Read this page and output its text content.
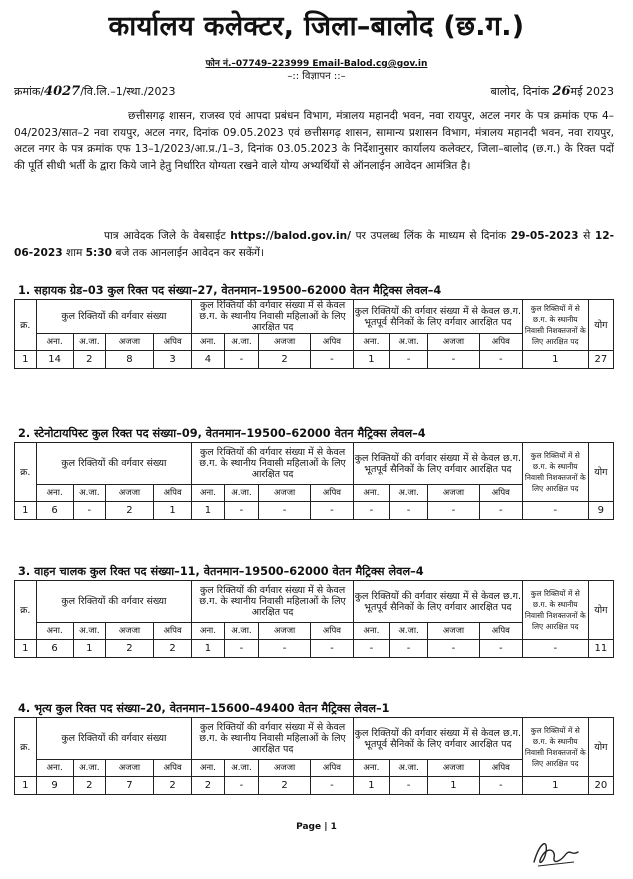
कार्यालय कलेक्टर, जिला–बालोद (छ.ग.)
फोन नं.–07749–223999 Email-Balod.cg@gov.in
–:: विज्ञापन ::–
क्रमांक/4027/वि.लि.–1/स्था./2023	बालोद, दिनांक 26मई 2023
छत्तीसगढ़ शासन, राजस्व एवं आपदा प्रबंधन विभाग, मंत्रालय महानदी भवन, नवा रायपुर, अटल नगर के पत्र क्रमांक एफ 4–04/2023/सात–2 नवा रायपुर, अटल नगर, दिनांक 09.05.2023 एवं छत्तीसगढ़ शासन, सामान्य प्रशासन विभाग, मंत्रालय महानदी भवन, नवा रायपुर, अटल नगर के पत्र क्रमांक एफ 13–1/2023/आ.प्र./1–3, दिनांक 03.05.2023 के निर्देशानुसार कार्यालय कलेक्टर, जिला–बालोद (छ.ग.) के रिक्त पदों की पूर्ति सीधी भर्ती के द्वारा किये जाने हेतु निर्धारित योग्यता रखने वाले योग्य अभ्यर्थियों से ऑनलाईन आवेदन आमंत्रित है।
पात्र आवेदक जिले के वेबसाईट https://balod.gov.in/ पर उपलब्ध लिंक के माध्यम से दिनांक 29-05-2023 से 12-06-2023 शाम 5:30 बजे तक आनलाईन आवेदन कर सकेंगें।
1. सहायक ग्रेड–03 कुल रिक्त पद संख्या–27, वेतनमान–19500–62000 वेतन मैट्रिक्स लेवल–4
क्र.	कुल रिक्तियों की वर्गवार संख्या				कुल रिक्तियों की वर्गवार संख्या में से केवल छ.ग. के स्थानीय निवासी महिलाओं के लिए आरक्षित पद				कुल रिक्तियों की वर्गवार संख्या में से केवल छ.ग. भूतपूर्व सैनिकों के लिए वर्गवार आरक्षित पद				कुल रिक्तियों में से छ.ग. के स्थानीय निवासी निशक्तजनों के लिए आरक्षित पद	योग
	अना.	अ.जा.	अजजा	अपिव	अना.	अ.जा.	अजजा	अपिव	अना.	अ.जा.	अजजा	अपिव		
1	14	2	8	3	4	-	2	-	1	-	-	-	1	27
2. स्टेनोटायपिस्ट कुल रिक्त पद संख्या–09, वेतनमान–19500–62000 वेतन मैट्रिक्स लेवल–4
क्र.	कुल रिक्तियों की वर्गवार संख्या				कुल रिक्तियों की वर्गवार संख्या में से केवल छ.ग. के स्थानीय निवासी महिलाओं के लिए आरक्षित पद				कुल रिक्तियों की वर्गवार संख्या में से केवल छ.ग. भूतपूर्व सैनिकों के लिए वर्गवार आरक्षित पद				कुल रिक्तियों में से छ.ग. के स्थानीय निवासी निशक्तजनों के लिए आरक्षित पद	योग
	अना.	अ.जा.	अजजा	अपिव	अना.	अ.जा.	अजजा	अपिव	अना.	अ.जा.	अजजा	अपिव		
1	6	-	2	1	1	-	-	-	-	-	-	-	-	9
3. वाहन चालक कुल रिक्त पद संख्या–11, वेतनमान–19500–62000 वेतन मैट्रिक्स लेवल–4
क्र.	कुल रिक्तियों की वर्गवार संख्या				कुल रिक्तियों की वर्गवार संख्या में से केवल छ.ग. के स्थानीय निवासी महिलाओं के लिए आरक्षित पद				कुल रिक्तियों की वर्गवार संख्या में से केवल छ.ग. भूतपूर्व सैनिकों के लिए वर्गवार आरक्षित पद				कुल रिक्तियों में से छ.ग. के स्थानीय निवासी निशक्तजनों के लिए आरक्षित पद	योग
	अना.	अ.जा.	अजजा	अपिव	अना.	अ.जा.	अजजा	अपिव	अना.	अ.जा.	अजजा	अपिव		
1	6	1	2	2	1	-	-	-	-	-	-	-	-	11
4. भृत्य कुल रिक्त पद संख्या–20, वेतनमान–15600–49400 वेतन मैट्रिक्स लेवल–1
क्र.	कुल रिक्तियों की वर्गवार संख्या				कुल रिक्तियों की वर्गवार संख्या में से केवल छ.ग. के स्थानीय निवासी महिलाओं के लिए आरक्षित पद				कुल रिक्तियों की वर्गवार संख्या में से केवल छ.ग. भूतपूर्व सैनिकों के लिए वर्गवार आरक्षित पद				कुल रिक्तियों में से छ.ग. के स्थानीय निवासी निशक्तजनों के लिए आरक्षित पद	योग
	अना.	अ.जा.	अजजा	अपिव	अना.	अ.जा.	अजजा	अपिव	अना.	अ.जा.	अजजा	अपिव		
1	9	2	7	2	2	-	2	-	1	-	1	-	1	20
Page | 1
